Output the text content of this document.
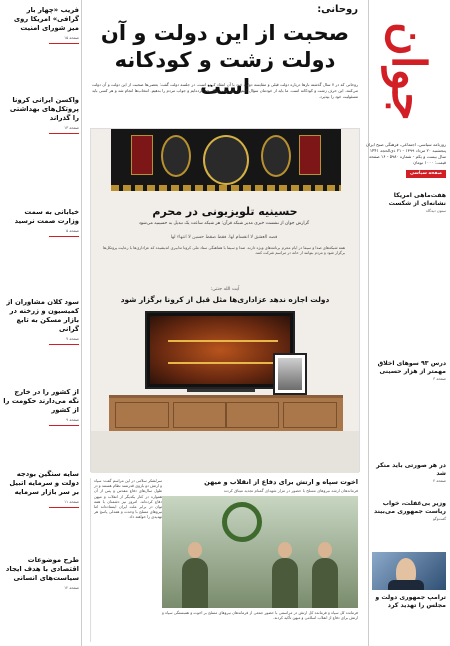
جوان
روزنامه سیاسی، اجتماعی، فرهنگی صبح ایران
پنجشنبه ۲۰ مرداد ۱۳۹۹ - ۲۱ ذی‌الحجه ۱۴۴۱
سال بیست و یکم - شماره ۵۹۸۰ - ۱۶ صفحه
قیمت: ۱۰۰۰ تومان
صفحه سیاسی
هفت‌ماهی امریکا نشانه‌ای از شکست

ستون دیدگاه

درس ۹۳ سوهای اخلاق مهمتر از هزار حسینی

صفحه ۳

در هر صورتی باید منکر شد

صفحه ۴

وزیر بی‌غفلت، خواب ریاست جمهوری می‌بیند

گفت‌وگو

ترامپ جمهوری دولت و مجلس را تهدید کرد

فریب «چهار بار گرافی» امریکا روی میز شورای امنیت

صفحه ۱۵

واکسن ایرانی کرونا پروتکل‌های بهداشتی را گذراند

صفحه ۱۳

خیابانی به سمت وزارت صمت نرسید

صفحه ۵

سود کلان مشاوران از کمیسیون و زرخنه در بازار مسکن به تابع گرانی

صفحه ۷

از کشور را در خارج نگه می‌دارند حکومت را از کشور

صفحه ۹

سایه سنگین بودجه دولت و سرمایه اتبیل بر سر بازار سرمایه

صفحه ۱۱

طرح موضوعات اقتصادی با هدف ایجاد سیاست‌های انسانی

صفحه ۱۲

روحانی:
صحبت از این دولت و آن دولت زشت و کودکانه است
روحانی که در ۷ سال گذشته بارها درباره دولت قبلی و مقایسه دولت خود با آن انتقاد کرده است، در جلسه دولت گفت: بعضی‌ها صحبت از این دولت و آن دولت می‌کنند. این حرف زشت و کودکانه است. ما باید از خودمان سؤال کنیم در این هفت سال چه کرده‌ایم و جواب مردم را بدهیم. انتخاب‌ها انجام شد و هر کسی باید مسئولیت خود را بپذیرد.
حسینیه تلویزیونی در محرم
گزارش جوان از نشست خبری مدیر شبکه قرآن: هر شبکه ساعت یک تبدیل به حسینیه می‌شود
قصه العشق لا انقسام لها. فقط ضقط حسین لا انتهاء لها
همه شبکه‌های صدا و سیما در ایام محرم برنامه‌های ویژه دارند. صدا و سیما با هماهنگی ستاد ملی کرونا تدابیری اندیشیده که عزاداری‌ها با رعایت پروتکل‌ها برگزار شود و مردم بتوانند از خانه در مراسم شرکت کنند.
آیت الله جنتی:
دولت اجازه ندهد عزاداری‌ها مثل قبل از کرونا برگزار شود
اخوت سپاه و ارتش برای دفاع از انقلاب و میهن
فرماندهان ارشد نیروهای مسلح با حضور در مزار شهدای گمنام تجدید میثاق کردند
فرمانده کل سپاه و فرمانده کل ارتش در مراسمی با حضور جمعی از فرماندهان نیروهای مسلح بر اخوت و همبستگی سپاه و ارتش برای دفاع از انقلاب اسلامی و میهن تأکید کردند.
سرلشکر سلامی در این مراسم گفت: سپاه و ارتش دو بازوی قدرتمند نظام هستند و در طول سال‌های دفاع مقدس و پس از آن همواره در کنار یکدیگر از انقلاب و میهن دفاع کرده‌اند. امروز نیز دشمنان با همه توان در برابر ملت ایران ایستاده‌اند اما نیروهای مسلح با وحدت و همدلی پاسخ هر تهدیدی را خواهند داد.
